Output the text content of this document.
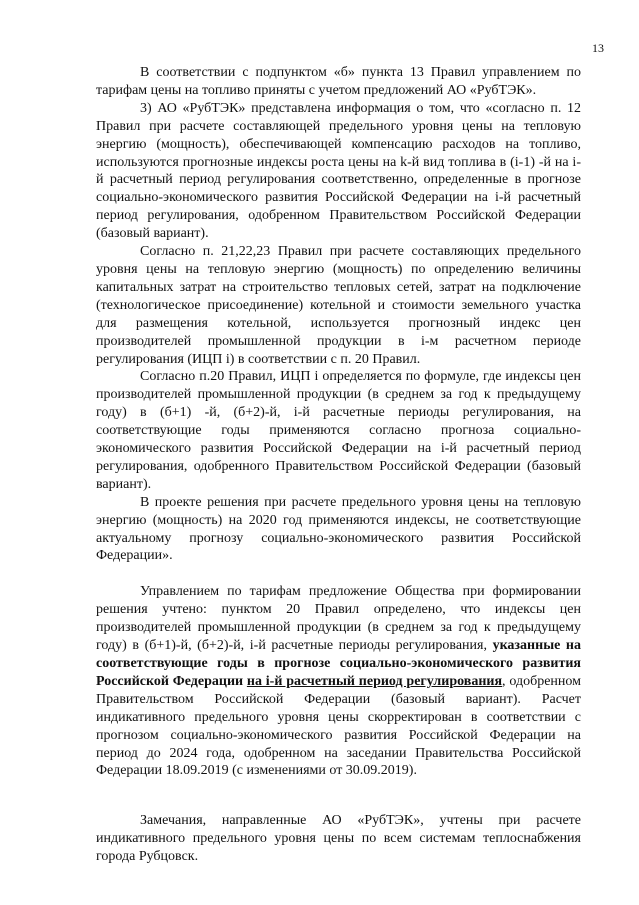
13

В соответствии с подпунктом «б» пункта 13 Правил управлением по тарифам цены на топливо приняты с учетом предложений АО «РубТЭК».

3) АО «РубТЭК» представлена информация о том, что «согласно п. 12 Правил при расчете составляющей предельного уровня цены на тепловую энергию (мощность), обеспечивающей компенсацию расходов на топливо, используются прогнозные индексы роста цены на k-й вид топлива в (i-1) -й на i-й расчетный период регулирования соответственно, определенные в прогнозе социально-экономического развития Российской Федерации на i-й расчетный период регулирования, одобренном Правительством Российской Федерации (базовый вариант).

Согласно п. 21,22,23 Правил при расчете составляющих предельного уровня цены на тепловую энергию (мощность) по определению величины капитальных затрат на строительство тепловых сетей, затрат на подключение (технологическое присоединение) котельной и стоимости земельного участка для размещения котельной, используется прогнозный индекс цен производителей промышленной продукции в i-м расчетном периоде регулирования (ИЦП i) в соответствии с п. 20 Правил.

Согласно п.20 Правил, ИЦП i определяется по формуле, где индексы цен производителей промышленной продукции (в среднем за год к предыдущему году) в (б+1) -й, (б+2)-й, i-й расчетные периоды регулирования, на соответствующие годы применяются согласно прогноза социально-экономического развития Российской Федерации на i-й расчетный период регулирования, одобренного Правительством Российской Федерации (базовый вариант).

В проекте решения при расчете предельного уровня цены на тепловую энергию (мощность) на 2020 год применяются индексы, не соответствующие актуальному прогнозу социально-экономического развития Российской Федерации».

Управлением по тарифам предложение Общества при формировании решения учтено: пунктом 20 Правил определено, что индексы цен производителей промышленной продукции (в среднем за год к предыдущему году) в (б+1)-й, (б+2)-й, i-й расчетные периоды регулирования, указанные на соответствующие годы в прогнозе социально-экономического развития Российской Федерации на i-й расчетный период регулирования, одобренном Правительством Российской Федерации (базовый вариант). Расчет индикативного предельного уровня цены скорректирован в соответствии с прогнозом социально-экономического развития Российской Федерации на период до 2024 года, одобренном на заседании Правительства Российской Федерации 18.09.2019 (с изменениями от 30.09.2019).

Замечания, направленные АО «РубТЭК», учтены при расчете индикативного предельного уровня цены по всем системам теплоснабжения города Рубцовск.
